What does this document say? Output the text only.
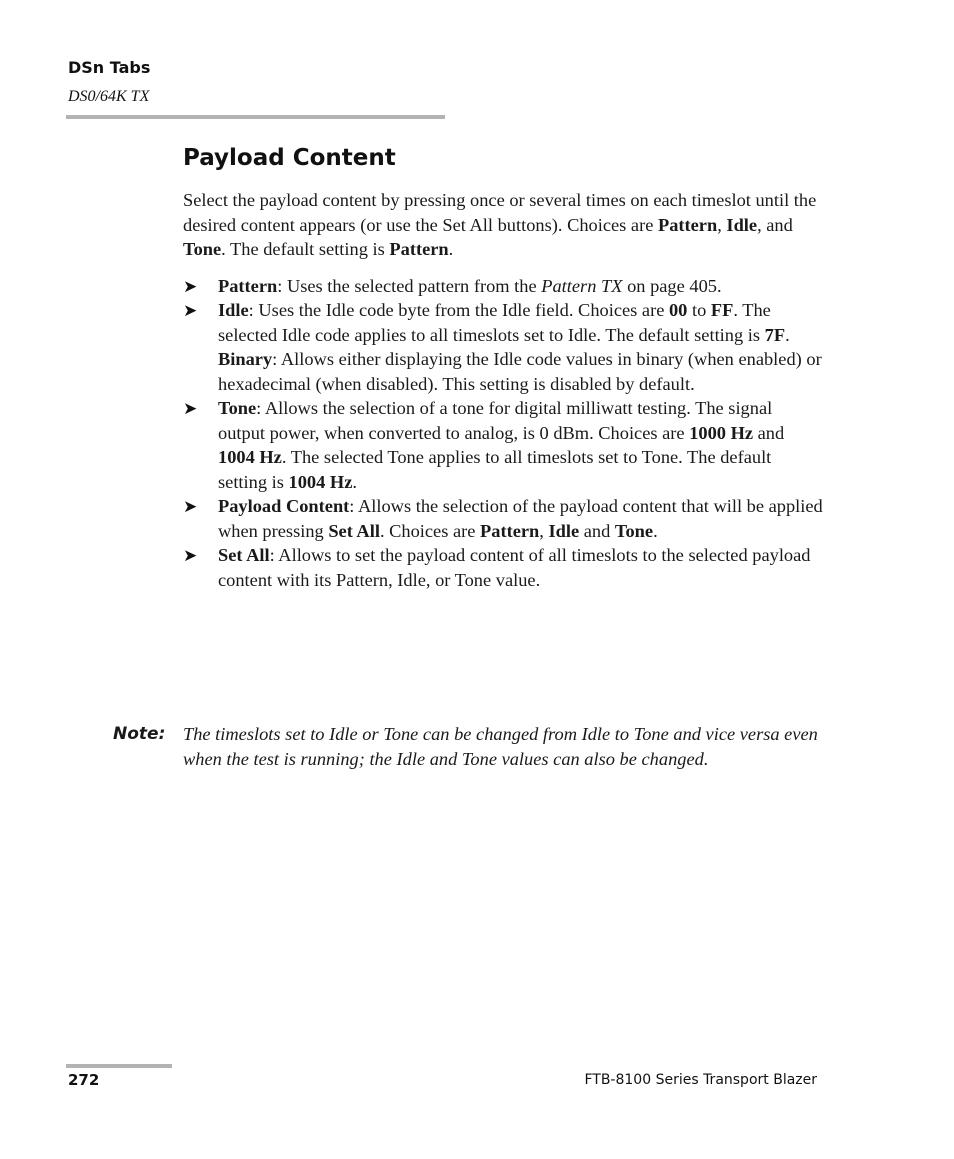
DSn Tabs
DS0/64K TX
Payload Content

Select the payload content by pressing once or several times on each timeslot until the desired content appears (or use the Set All buttons). Choices are Pattern, Idle, and Tone. The default setting is Pattern.

➤ Pattern: Uses the selected pattern from the Pattern TX on page 405.

➤ Idle: Uses the Idle code byte from the Idle field. Choices are 00 to FF. The selected Idle code applies to all timeslots set to Idle. The default setting is 7F.

Binary: Allows either displaying the Idle code values in binary (when enabled) or hexadecimal (when disabled). This setting is disabled by default.

➤ Tone: Allows the selection of a tone for digital milliwatt testing. The signal output power, when converted to analog, is 0 dBm. Choices are 1000 Hz and 1004 Hz. The selected Tone applies to all timeslots set to Tone. The default setting is 1004 Hz.

➤ Payload Content: Allows the selection of the payload content that will be applied when pressing Set All. Choices are Pattern, Idle and Tone.

➤ Set All: Allows to set the payload content of all timeslots to the selected payload content with its Pattern, Idle, or Tone value.

Note: The timeslots set to Idle or Tone can be changed from Idle to Tone and vice versa even when the test is running; the Idle and Tone values can also be changed.
272	FTB-8100 Series Transport Blazer
